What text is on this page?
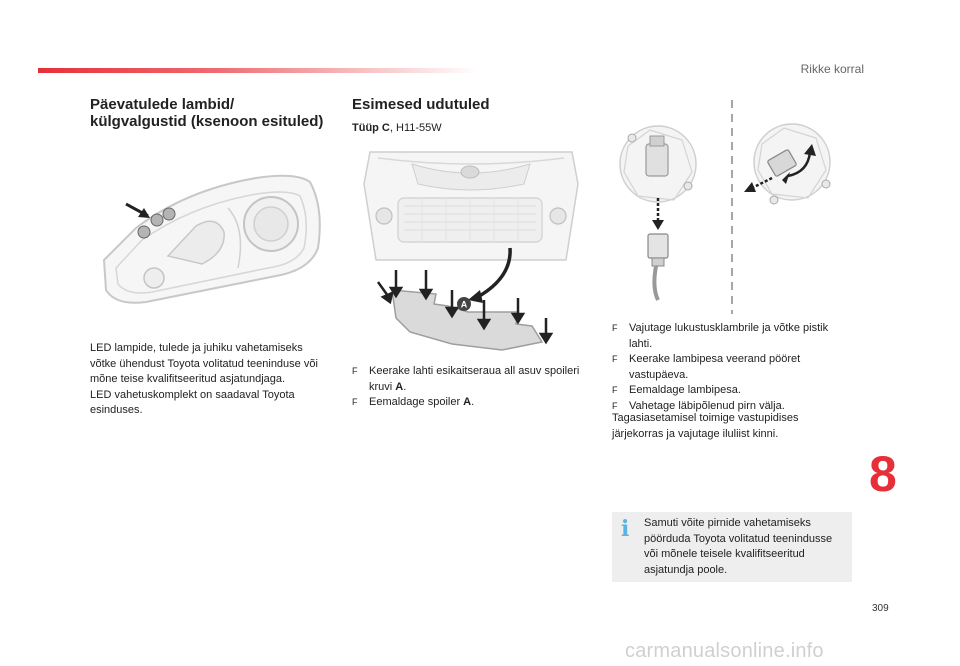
Rikke korral
Päevatulede lambid/
külgvalgustid (ksenoon esituled)
LED lampide, tulede ja juhiku vahetamiseks
võtke ühendust Toyota volitatud teeninduse või
mõne teise kvalifitseeritud asjatundjaga.
LED vahetuskomplekt on saadaval Toyota
esinduses.
Esimesed udutuled
Tüüp C, H11-55W
A
F Keerake lahti esikaitseraua all asuv spoileri
kruvi A.
F Eemaldage spoiler A.
F Vajutage lukustusklambrile ja võtke pistik
lahti.
F Keerake lambipesa veerand pööret
vastupäeva.
F Eemaldage lambipesa.
F Vahetage läbipõlenud pirn välja.
Tagasiasetamisel toimige vastupidises
järjekorras ja vajutage iluliist kinni.
i Samuti võite pirnide vahetamiseks
pöörduda Toyota volitatud teenindusse
või mõnele teisele kvalifitseeritud
asjatundja poole.
8
309
carmanualsonline.info
